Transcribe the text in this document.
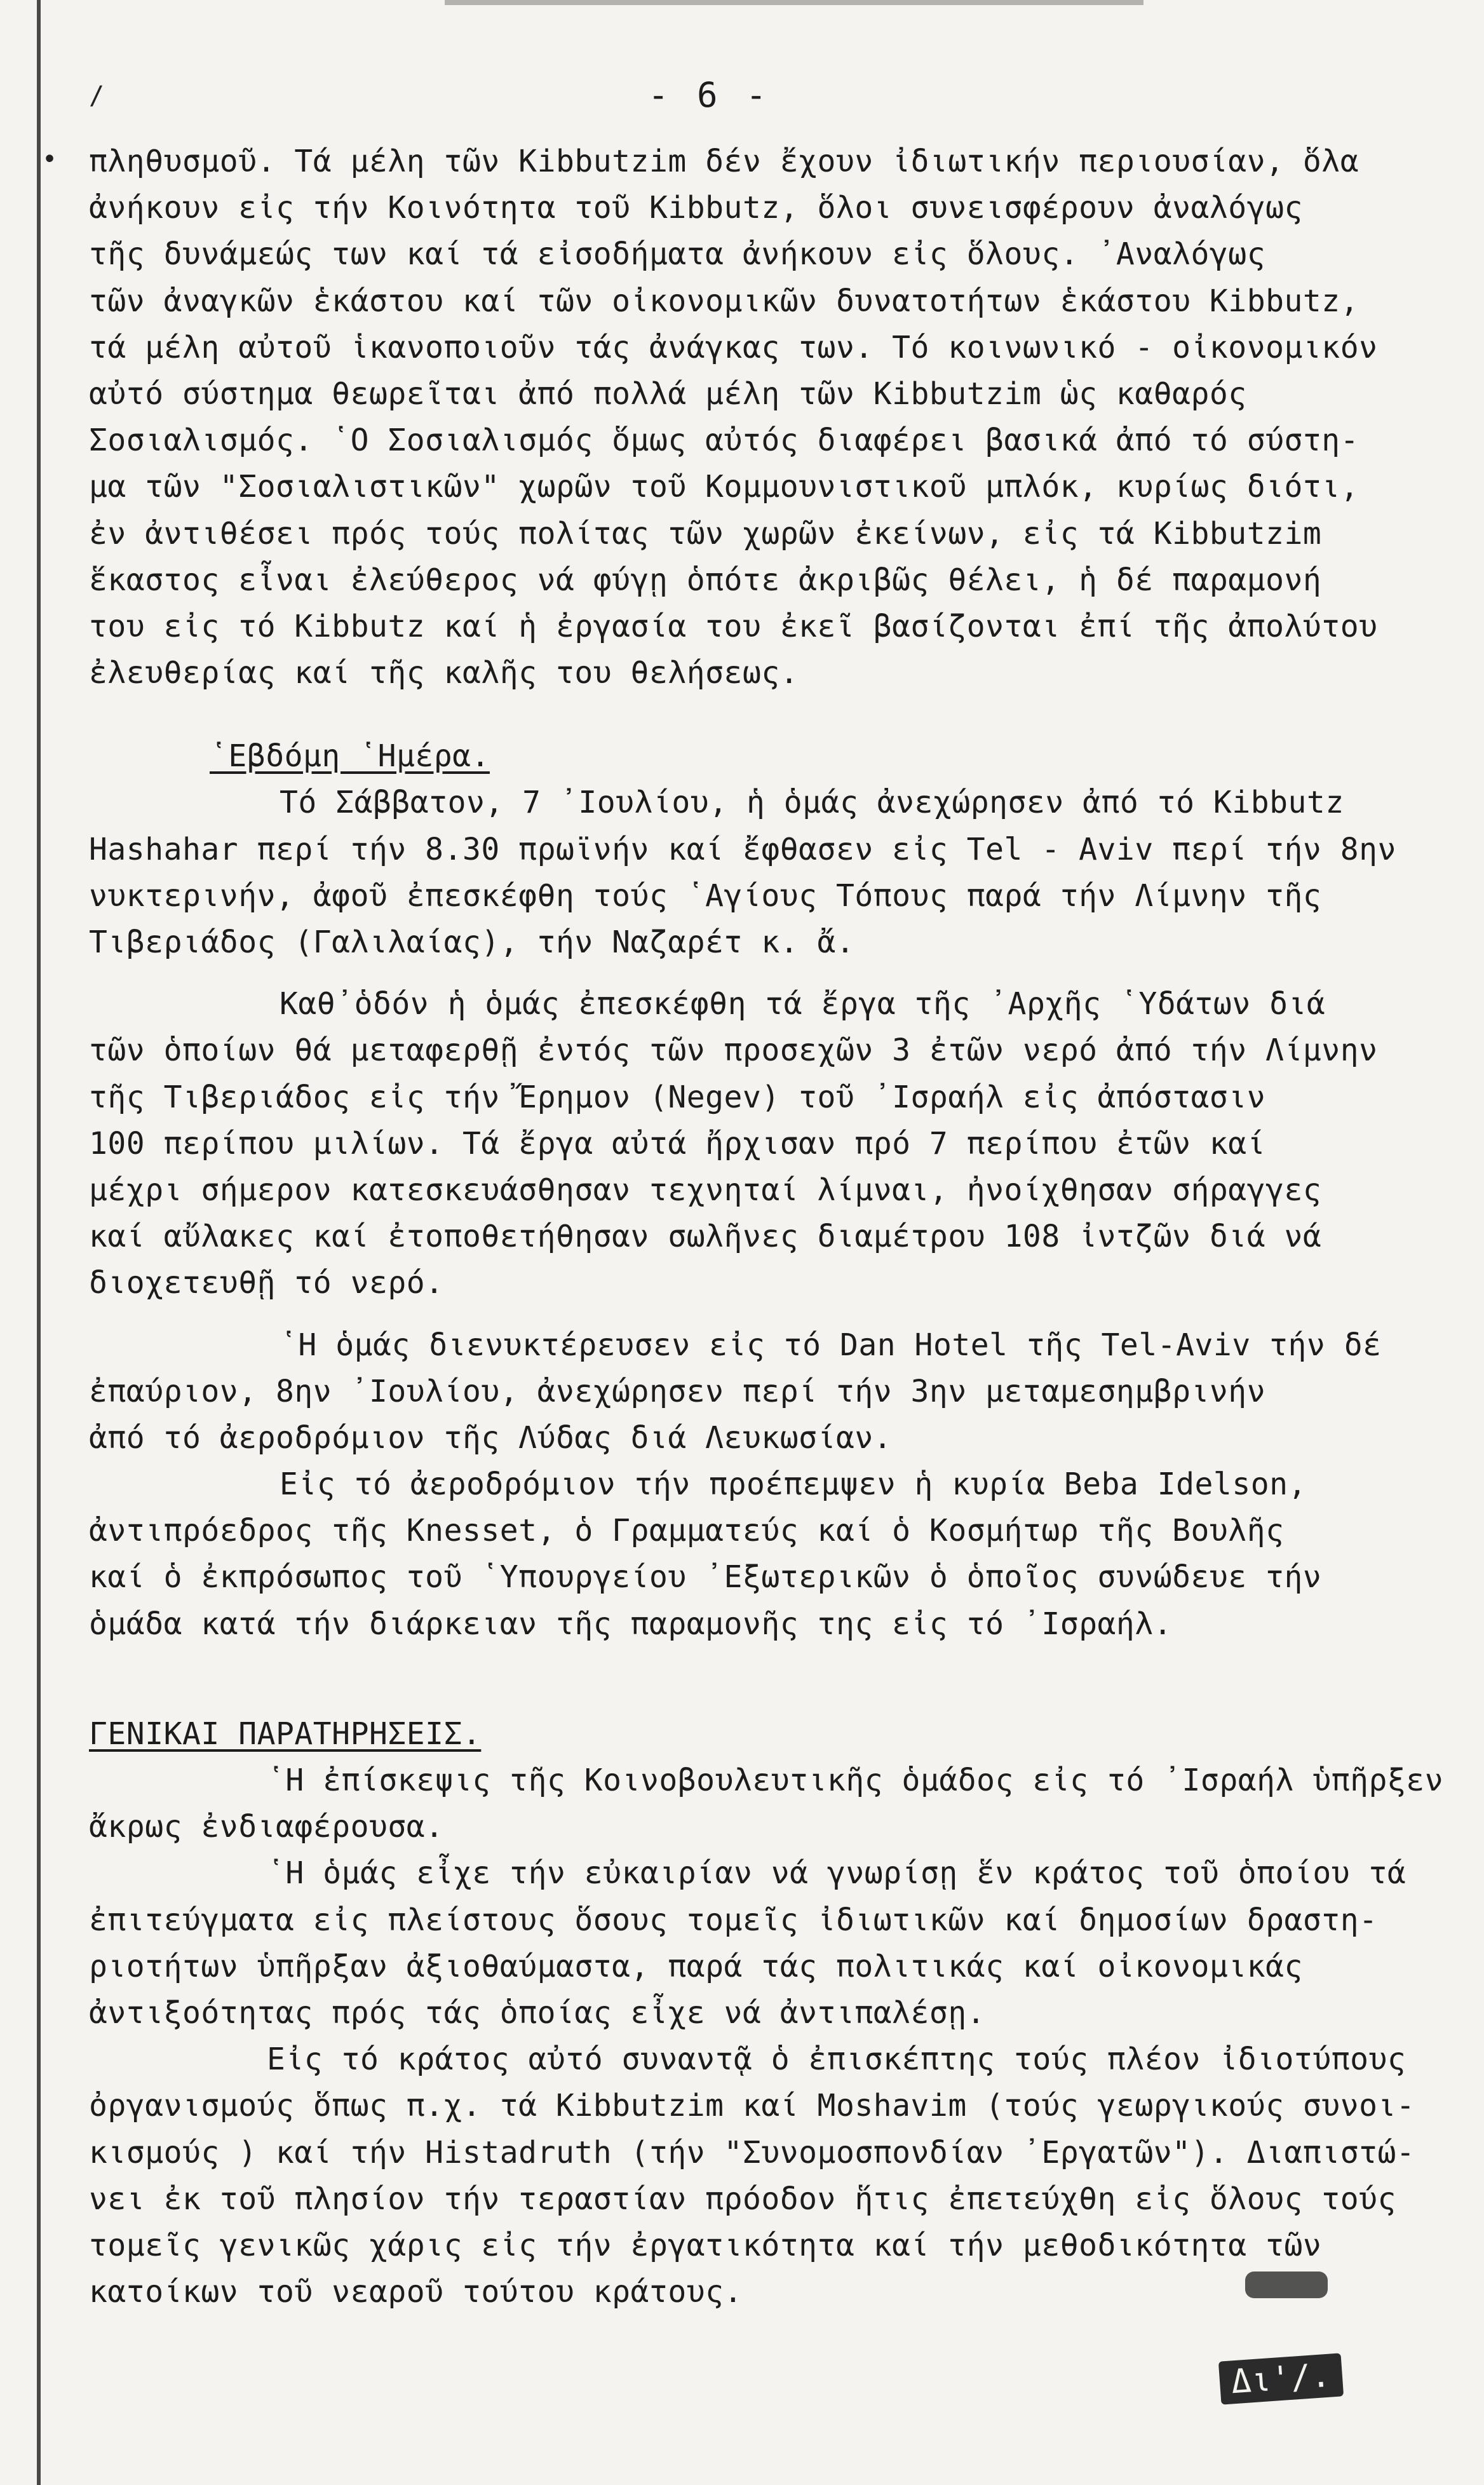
/
•
- 6 -
πληθυσμοῦ. Τά μέλη τῶν Kibbutzim δέν ἔχουν ἰδιωτικήν περιουσίαν, ὅλα
ἀνήκουν εἰς τήν Κοινότητα τοῦ Kibbutz, ὅλοι συνεισφέρουν ἀναλόγως
τῆς δυνάμεώς των καί τά εἰσοδήματα ἀνήκουν εἰς ὅλους. ᾿Αναλόγως
τῶν ἀναγκῶν ἑκάστου καί τῶν οἰκονομικῶν δυνατοτήτων ἑκάστου Kibbutz,
τά μέλη αὐτοῦ ἱκανοποιοῦν τάς ἀνάγκας των. Τό κοινωνικό - οἰκονομικόν
αὐτό σύστημα θεωρεῖται ἀπό πολλά μέλη τῶν Kibbutzim ὡς καθαρός
Σοσιαλισμός. ῾Ο Σοσιαλισμός ὅμως αὐτός διαφέρει βασικά ἀπό τό σύστη-
μα τῶν "Σοσιαλιστικῶν" χωρῶν τοῦ Κομμουνιστικοῦ μπλόκ, κυρίως διότι,
ἐν ἀντιθέσει πρός τούς πολίτας τῶν χωρῶν ἐκείνων, εἰς τά Kibbutzim
ἕκαστος εἶναι ἐλεύθερος νά φύγῃ ὁπότε ἀκριβῶς θέλει, ἡ δέ παραμονή
του εἰς τό Kibbutz καί ἡ ἐργασία του ἐκεῖ βασίζονται ἐπί τῆς ἀπολύτου
ἐλευθερίας καί τῆς καλῆς του θελήσεως.
῾Εβδόμη ῾Ημέρα.
Τό Σάββατον, 7 ᾿Ιουλίου, ἡ ὁμάς ἀνεχώρησεν ἀπό τό Kibbutz
Hashahar περί τήν 8.30 πρωϊνήν καί ἔφθασεν εἰς Tel - Aviv περί τήν 8ην
νυκτερινήν, ἀφοῦ ἐπεσκέφθη τούς ῾Αγίους Τόπους παρά τήν Λίμνην τῆς
Τιβεριάδος (Γαλιλαίας), τήν Ναζαρέτ κ. ἄ.
Καθ᾿ὁδόν ἡ ὁμάς ἐπεσκέφθη τά ἔργα τῆς ᾿Αρχῆς ῾Υδάτων διά
τῶν ὁποίων θά μεταφερθῇ ἐντός τῶν προσεχῶν 3 ἐτῶν νερό ἀπό τήν Λίμνην
τῆς Τιβεριάδος εἰς τήν Ἔρημον (Negev) τοῦ ᾿Ισραήλ εἰς ἀπόστασιν
100 περίπου μιλίων. Τά ἔργα αὐτά ἤρχισαν πρό 7 περίπου ἐτῶν καί
μέχρι σήμερον κατεσκευάσθησαν τεχνηταί λίμναι, ἠνοίχθησαν σήραγγες
καί αὔλακες καί ἐτοποθετήθησαν σωλῆνες διαμέτρου 108 ἰντζῶν διά νά
διοχετευθῇ τό νερό.
῾Η ὁμάς διενυκτέρευσεν εἰς τό Dan Hotel τῆς Tel-Aviv τήν δέ
ἐπαύριον, 8ην ᾿Ιουλίου, ἀνεχώρησεν περί τήν 3ην μεταμεσημβρινήν
ἀπό τό ἀεροδρόμιον τῆς Λύδας διά Λευκωσίαν.
Εἰς τό ἀεροδρόμιον τήν προέπεμψεν ἡ κυρία Beba Idelson,
ἀντιπρόεδρος τῆς Knesset, ὁ Γραμματεύς καί ὁ Κοσμήτωρ τῆς Βουλῆς
καί ὁ ἐκπρόσωπος τοῦ ῾Υπουργείου ᾿Εξωτερικῶν ὁ ὁποῖος συνώδευε τήν
ὁμάδα κατά τήν διάρκειαν τῆς παραμονῆς της εἰς τό ᾿Ισραήλ.
ΓΕΝΙΚΑΙ ΠΑΡΑΤΗΡΗΣΕΙΣ.
῾Η ἐπίσκεψις τῆς Κοινοβουλευτικῆς ὁμάδος εἰς τό ᾿Ισραήλ ὑπῆρξεν
ἄκρως ἐνδιαφέρουσα.
῾Η ὁμάς εἶχε τήν εὐκαιρίαν νά γνωρίσῃ ἕν κράτος τοῦ ὁποίου τά
ἐπιτεύγματα εἰς πλείστους ὅσους τομεῖς ἰδιωτικῶν καί δημοσίων δραστη-
ριοτήτων ὑπῆρξαν ἀξιοθαύμαστα, παρά τάς πολιτικάς καί οἰκονομικάς
ἀντιξοότητας πρός τάς ὁποίας εἶχε νά ἀντιπαλέσῃ.
Εἰς τό κράτος αὐτό συναντᾷ ὁ ἐπισκέπτης τούς πλέον ἰδιοτύπους
ὀργανισμούς ὅπως π.χ. τά Kibbutzim καί Moshavim (τούς γεωργικούς συνοι-
κισμούς ) καί τήν Histadruth (τήν "Συνομοσπονδίαν ᾿Εργατῶν"). Διαπιστώ-
νει ἐκ τοῦ πλησίον τήν τεραστίαν πρόοδον ἥτις ἐπετεύχθη εἰς ὅλους τούς
τομεῖς γενικῶς χάρις εἰς τήν ἐργατικότητα καί τήν μεθοδικότητα τῶν
κατοίκων τοῦ νεαροῦ τούτου κράτους.
Δι'/.
